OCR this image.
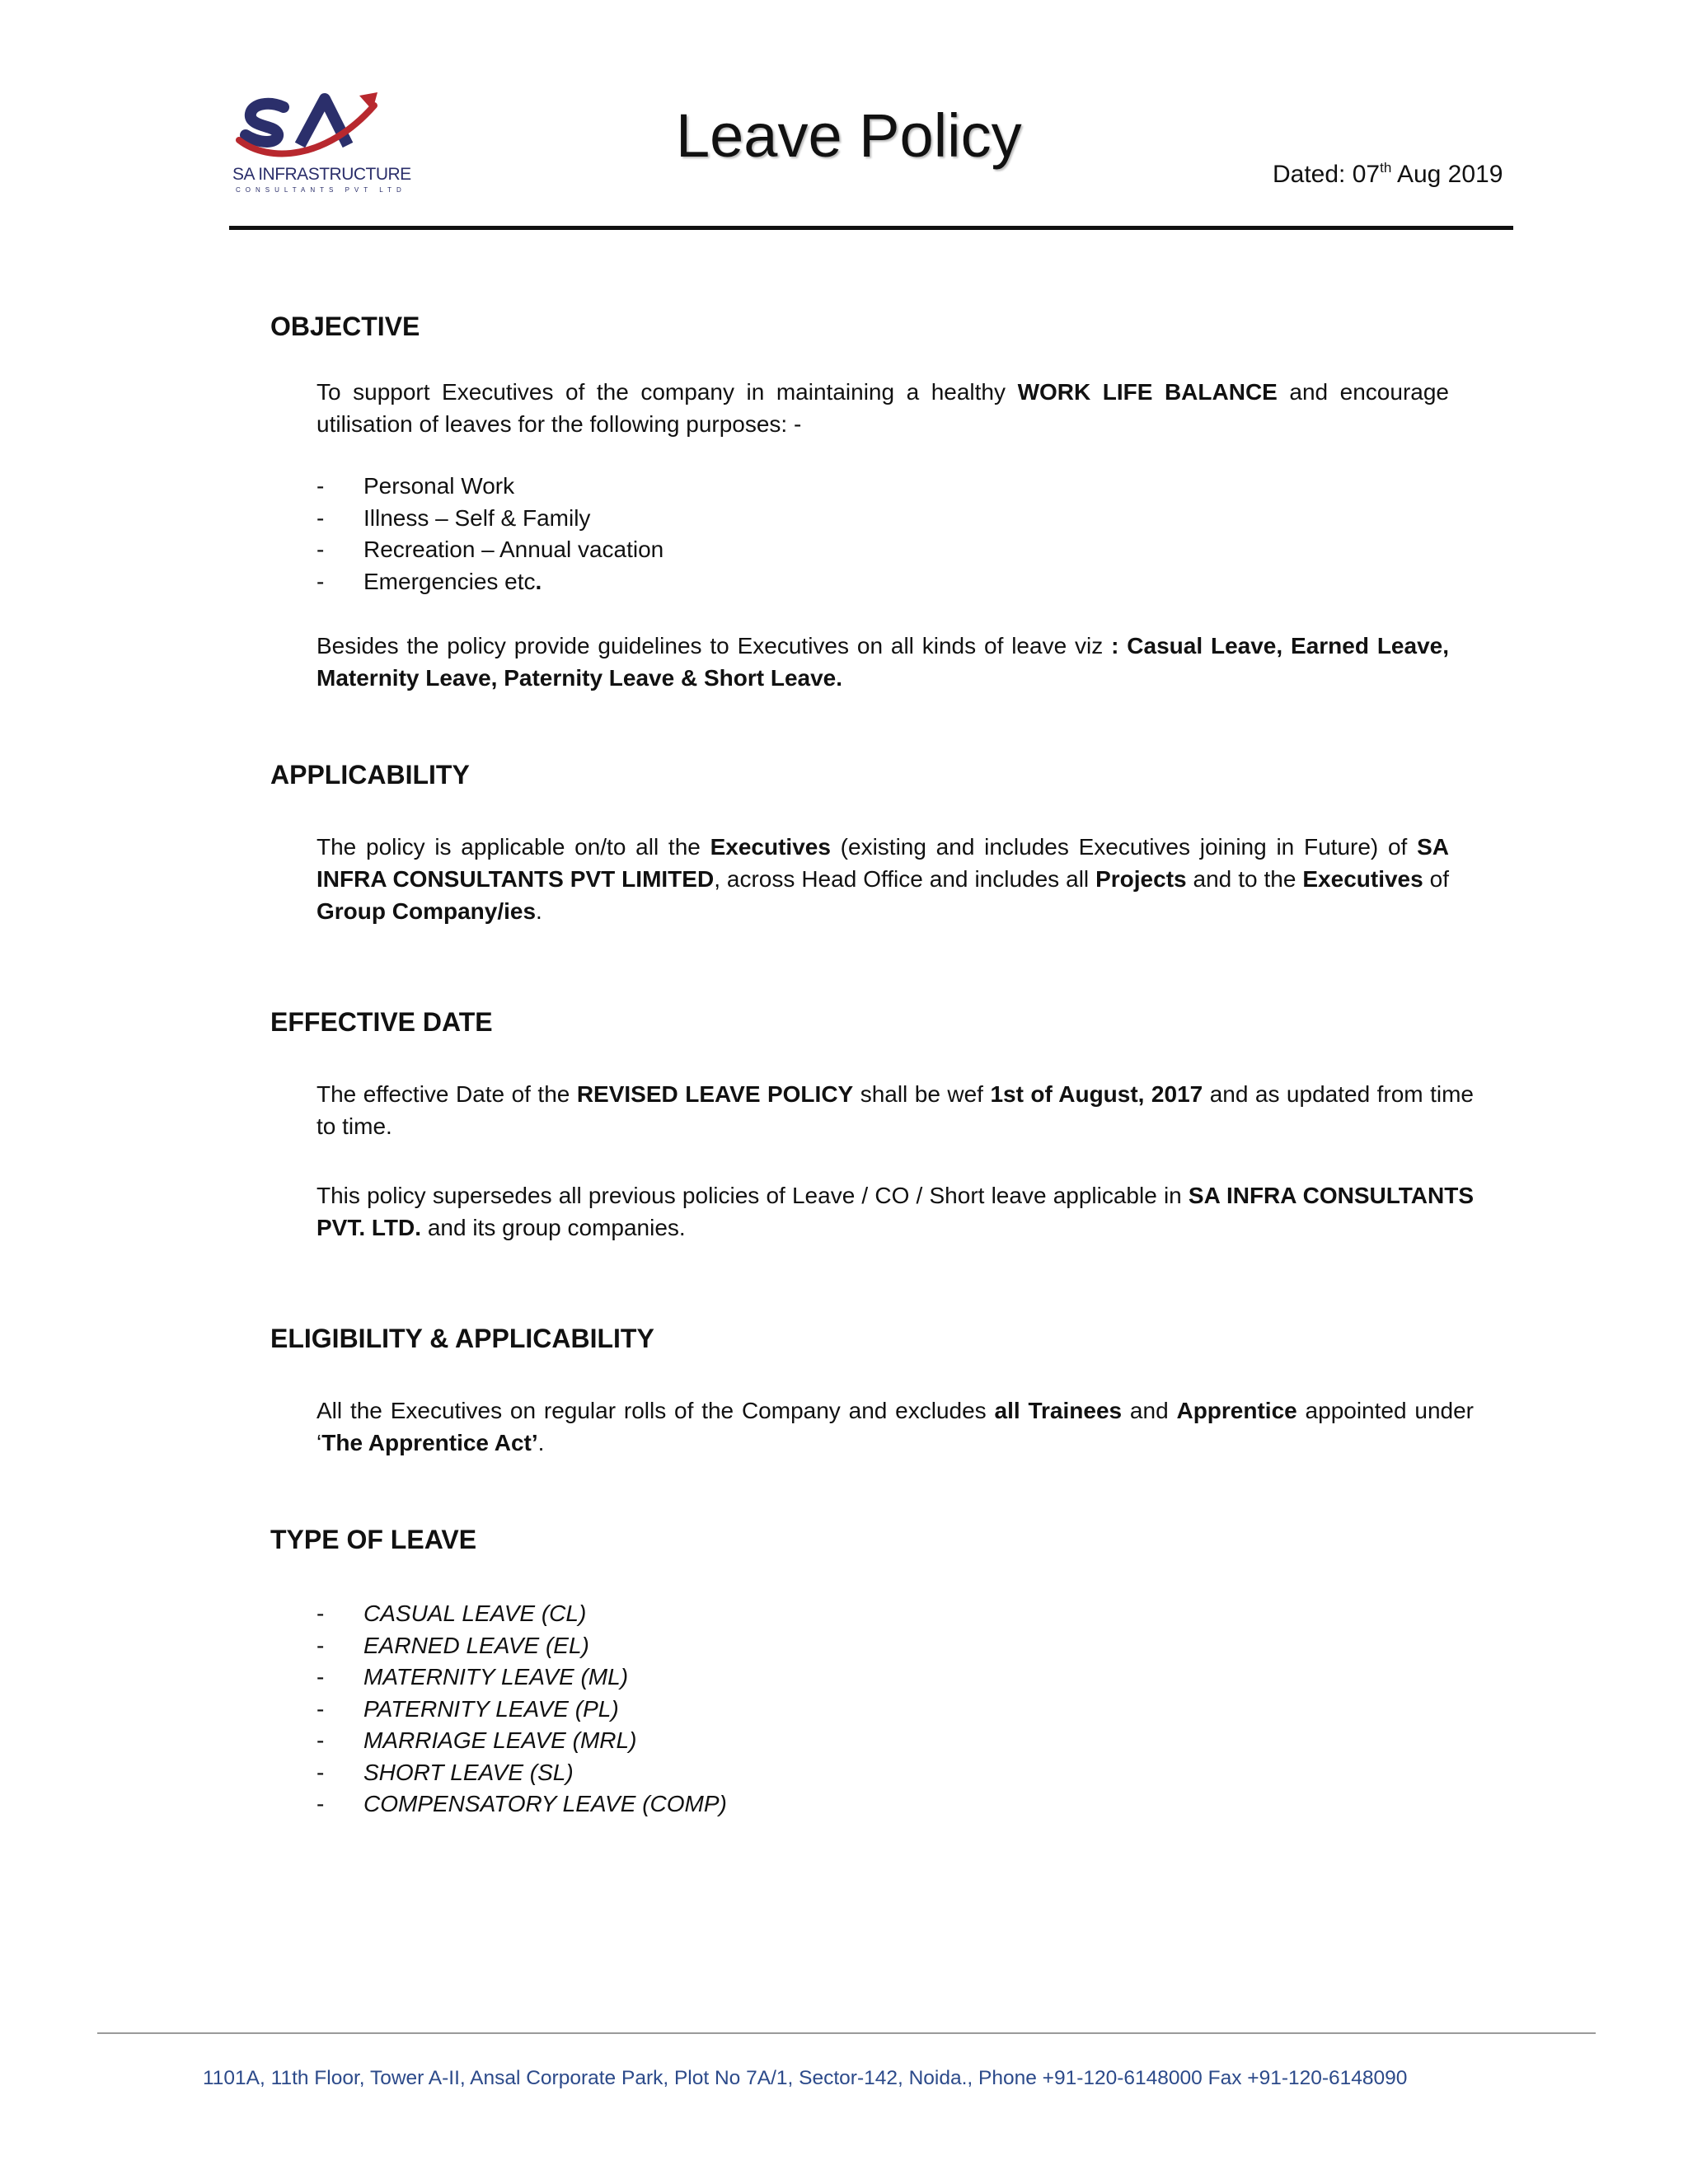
SA INFRASTRUCTURE
CONSULTANTS PVT LTD
Leave Policy
Dated: 07th Aug 2019
OBJECTIVE
To support Executives of the company in maintaining a healthy WORK LIFE BALANCE and encourage utilisation of leaves for the following purposes: -
- Personal Work
- Illness – Self & Family
- Recreation – Annual vacation
- Emergencies etc.
Besides the policy provide guidelines to Executives on all kinds of leave viz : Casual Leave, Earned Leave, Maternity Leave, Paternity Leave & Short Leave.
APPLICABILITY
The policy is applicable on/to all the Executives (existing and includes Executives joining in Future) of SA INFRA CONSULTANTS PVT LIMITED, across Head Office and includes all Projects and to the Executives of Group Company/ies.
EFFECTIVE DATE
The effective Date of the REVISED LEAVE POLICY shall be wef 1st of August, 2017 and as updated from time to time.
This policy supersedes all previous policies of Leave / CO / Short leave applicable in SA INFRA CONSULTANTS PVT. LTD. and its group companies.
ELIGIBILITY & APPLICABILITY
All the Executives on regular rolls of the Company and excludes all Trainees and Apprentice appointed under ‘The Apprentice Act’.
TYPE OF LEAVE
- CASUAL LEAVE (CL)
- EARNED LEAVE (EL)
- MATERNITY LEAVE (ML)
- PATERNITY LEAVE (PL)
- MARRIAGE LEAVE (MRL)
- SHORT LEAVE (SL)
- COMPENSATORY LEAVE (COMP)
1101A, 11th Floor, Tower A-II, Ansal Corporate Park, Plot No 7A/1, Sector-142, Noida., Phone +91-120-6148000 Fax +91-120-6148090
